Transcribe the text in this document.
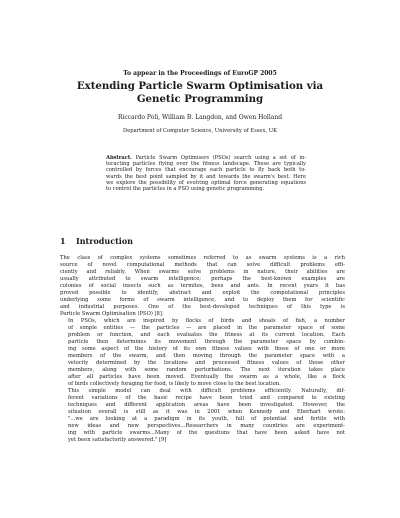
To appear in the Proceedings of EuroGP 2005
Extending Particle Swarm Optimisation via
Genetic Programming
Riccardo Poli, William B. Langdon, and Owen Holland
Department of Computer Science, University of Essex, UK
Abstract. Particle Swarm Optimisers (PSOs) search using a set of in-
teracting particles flying over the fitness landscape. These are typically
controlled by forces that encourage each particle to fly back both to-
wards the best point sampled by it and towards the swarm's best. Here
we explore the possibility of evolving optimal force generating equations
to control the particles in a PSO using genetic programming.
1 Introduction

The class of complex systems sometimes referred to as swarm systems is a rich
source of novel computational methods that can solve difficult problems effi-
ciently and reliably. When swarms solve problems in nature, their abilities are
usually attributed to swarm intelligence; perhaps the best-known examples are
colonies of social insects such as termites, bees and ants. In recent years it has
proved possible to identify, abstract and exploit the computational principles
underlying some forms of swarm intelligence, and to deploy them for scientific
and industrial purposes. One of the best-developed techniques of this type is
Particle Swarm Optimisation (PSO) [8].

In PSOs, which are inspired by flocks of birds and shoals of fish, a number
of simple entities — the particles — are placed in the parameter space of some
problem or function, and each evaluates the fitness at its current location. Each
particle then determines its movement through the parameter space by combin-
ing some aspect of the history of its own fitness values with those of one or more
members of the swarm, and then moving through the parameter space with a
velocity determined by the locations and processed fitness values of those other
members, along with some random perturbations. The next iteration takes place
after all particles have been moved. Eventually the swarm as a whole, like a flock
of birds collectively foraging for food, is likely to move close to the best location.

This simple model can deal with difficult problems efficiently. Naturally, dif-
ferent variations of the basic recipe have been tried and compared to existing
techniques and different application areas have been investigated. However, the
situation overall is still as it was in 2001 when Kennedy and Eberhart wrote:
"...we are looking at a paradigm in its youth, full of potential and fertile with
new ideas and new perspectives...Researchers in many countries are experiment-
ing with particle swarms...Many of the questions that have been asked have not
yet been satisfactorily answered." [9]
